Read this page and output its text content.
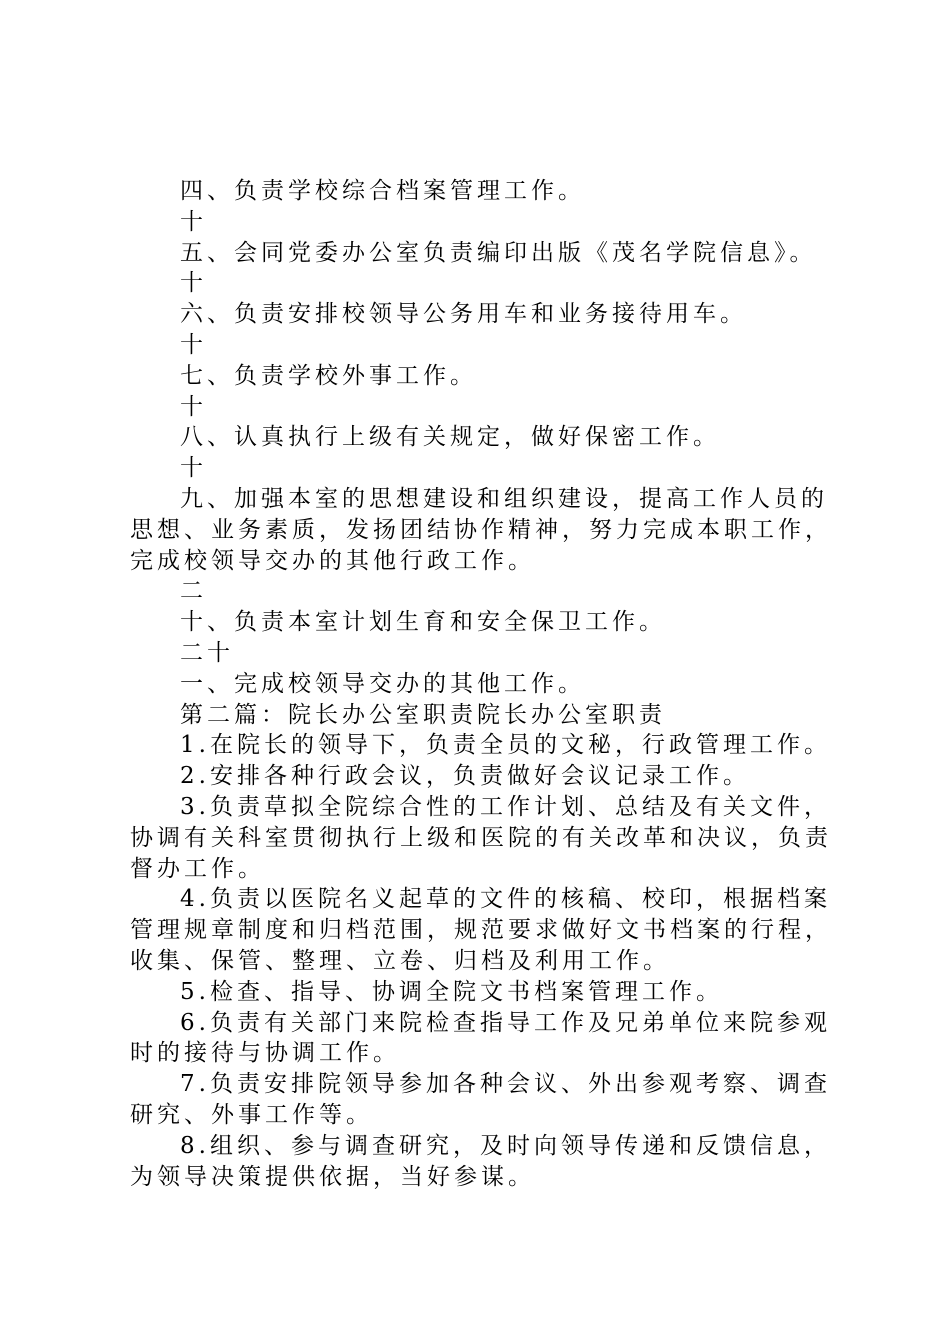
四、负责学校综合档案管理工作。

十

五、会同党委办公室负责编印出版《茂名学院信息》。

十

六、负责安排校领导公务用车和业务接待用车。

十

七、负责学校外事工作。

十

八、认真执行上级有关规定，做好保密工作。

十

九、加强本室的思想建设和组织建设，提高工作人员的思想、业务素质，发扬团结协作精神，努力完成本职工作，完成校领导交办的其他行政工作。

二

十、负责本室计划生育和安全保卫工作。

二十

一、完成校领导交办的其他工作。

第二篇：院长办公室职责院长办公室职责

1.在院长的领导下，负责全员的文秘，行政管理工作。

2.安排各种行政会议，负责做好会议记录工作。

3.负责草拟全院综合性的工作计划、总结及有关文件，协调有关科室贯彻执行上级和医院的有关改革和决议，负责督办工作。

4.负责以医院名义起草的文件的核稿、校印，根据档案管理规章制度和归档范围，规范要求做好文书档案的行程，收集、保管、整理、立卷、归档及利用工作。

5.检查、指导、协调全院文书档案管理工作。

6.负责有关部门来院检查指导工作及兄弟单位来院参观时的接待与协调工作。

7.负责安排院领导参加各种会议、外出参观考察、调查研究、外事工作等。

8.组织、参与调查研究，及时向领导传递和反馈信息，为领导决策提供依据，当好参谋。
